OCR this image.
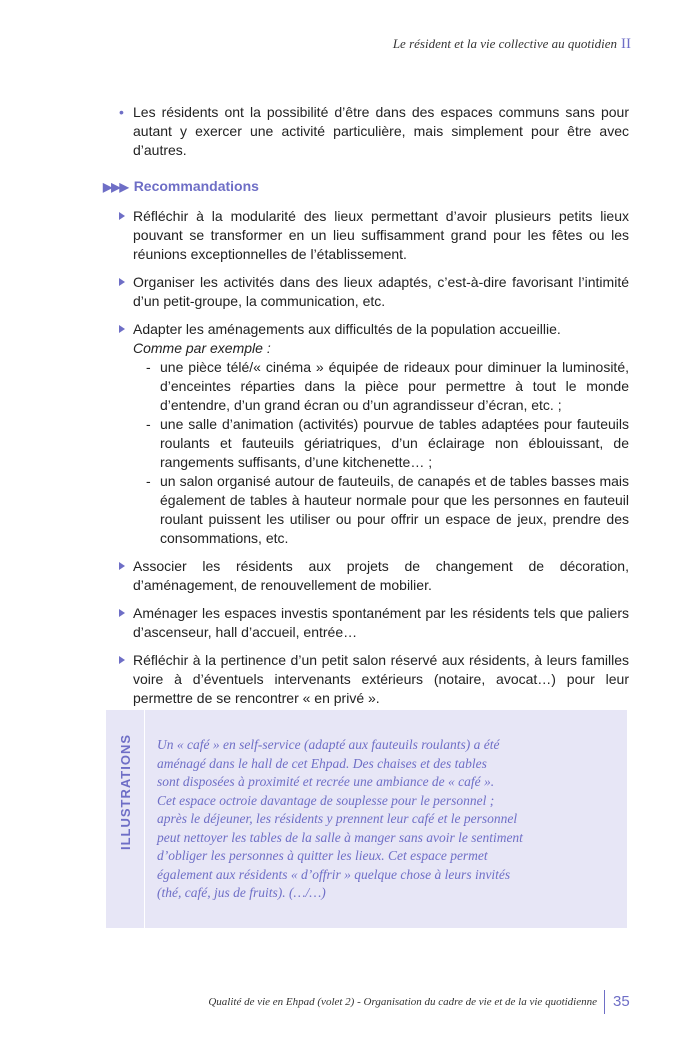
Le résident et la vie collective au quotidien II
• Les résidents ont la possibilité d’être dans des espaces communs sans pour autant y exercer une activité particulière, mais simplement pour être avec d’autres.
▶▶▶ Recommandations
Réfléchir à la modularité des lieux permettant d’avoir plusieurs petits lieux pouvant se transformer en un lieu suffisamment grand pour les fêtes ou les réunions exceptionnelles de l’établissement.
Organiser les activités dans des lieux adaptés, c’est-à-dire favorisant l’intimité d’un petit-groupe, la communication, etc.
Adapter les aménagements aux difficultés de la population accueillie.
Comme par exemple :
- une pièce télé/« cinéma » équipée de rideaux pour diminuer la luminosité, d’enceintes réparties dans la pièce pour permettre à tout le monde d’entendre, d’un grand écran ou d’un agrandisseur d’écran, etc. ;
- une salle d’animation (activités) pourvue de tables adaptées pour fauteuils roulants et fauteuils gériatriques, d’un éclairage non éblouissant, de rangements suffisants, d’une kitchenette… ;
- un salon organisé autour de fauteuils, de canapés et de tables basses mais également de tables à hauteur normale pour que les personnes en fauteuil roulant puissent les utiliser ou pour offrir un espace de jeux, prendre des consommations, etc.
Associer les résidents aux projets de changement de décoration, d’aménagement, de renouvellement de mobilier.
Aménager les espaces investis spontanément par les résidents tels que paliers d’ascenseur, hall d’accueil, entrée…
Réfléchir à la pertinence d’un petit salon réservé aux résidents, à leurs familles voire à d’éventuels intervenants extérieurs (notaire, avocat…) pour leur permettre de se rencontrer « en privé ».
ILLUSTRATIONS Un « café » en self-service (adapté aux fauteuils roulants) a été
aménagé dans le hall de cet Ehpad. Des chaises et des tables
sont disposées à proximité et recrée une ambiance de « café ».
Cet espace octroie davantage de souplesse pour le personnel ;
après le déjeuner, les résidents y prennent leur café et le personnel
peut nettoyer les tables de la salle à manger sans avoir le sentiment
d’obliger les personnes à quitter les lieux. Cet espace permet
également aux résidents « d’offrir » quelque chose à leurs invités
(thé, café, jus de fruits). (…/…)

Qualité de vie en Ehpad (volet 2) - Organisation du cadre de vie et de la vie quotidienne 35
